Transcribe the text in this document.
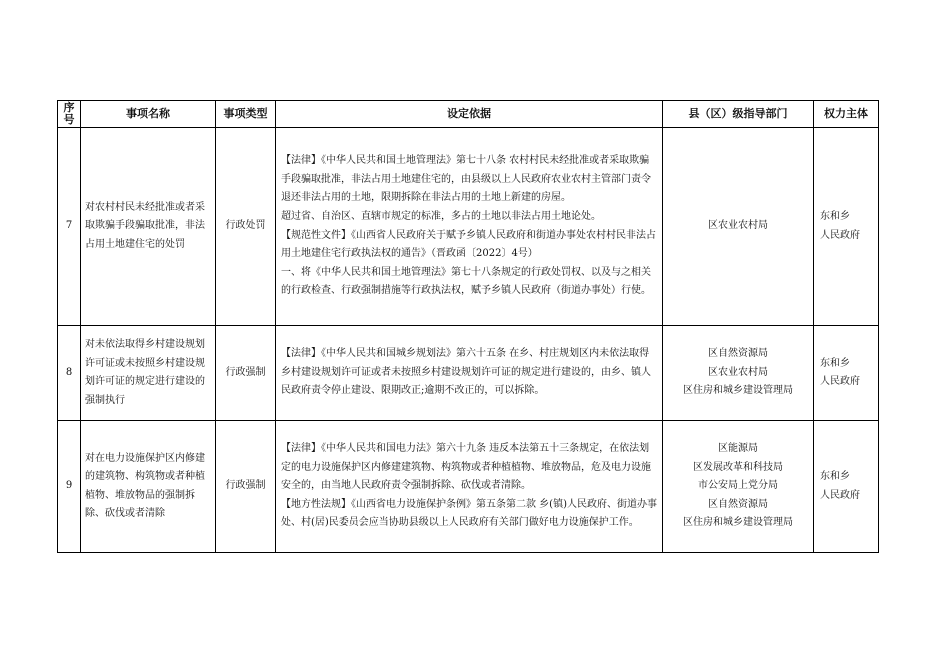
序号	事项名称	事项类型	设定依据	县（区）级指导部门	权力主体
7	对农村村民未经批准或者采取欺骗手段骗取批准，非法占用土地建住宅的处罚	行政处罚	【法律】《中华人民共和国土地管理法》第七十八条 农村村民未经批准或者采取欺骗手段骗取批准，非法占用土地建住宅的，由县级以上人民政府农业农村主管部门责令退还非法占用的土地，限期拆除在非法占用的土地上新建的房屋。
超过省、自治区、直辖市规定的标准，多占的土地以非法占用土地论处。
【规范性文件】《山西省人民政府关于赋予乡镇人民政府和街道办事处农村村民非法占用土地建住宅行政执法权的通告》（晋政函〔2022〕4号）
一、将《中华人民共和国土地管理法》第七十八条规定的行政处罚权、以及与之相关的行政检查、行政强制措施等行政执法权，赋予乡镇人民政府（街道办事处）行使。	区农业农村局	东和乡
人民政府

8	对未依法取得乡村建设规划许可证或未按照乡村建设规划许可证的规定进行建设的强制执行	行政强制	【法律】《中华人民共和国城乡规划法》第六十五条 在乡、村庄规划区内未依法取得乡村建设规划许可证或者未按照乡村建设规划许可证的规定进行建设的，由乡、镇人民政府责令停止建设、限期改正;逾期不改正的，可以拆除。	区自然资源局
区农业农村局
区住房和城乡建设管理局	东和乡
人民政府

9	对在电力设施保护区内修建的建筑物、构筑物或者种植植物、堆放物品的强制拆除、砍伐或者清除	行政强制	【法律】《中华人民共和国电力法》第六十九条 违反本法第五十三条规定，在依法划定的电力设施保护区内修建建筑物、构筑物或者种植植物、堆放物品，危及电力设施安全的，由当地人民政府责令强制拆除、砍伐或者清除。
【地方性法规】《山西省电力设施保护条例》第五条第二款 乡(镇)人民政府、街道办事处、村(居)民委员会应当协助县级以上人民政府有关部门做好电力设施保护工作。	区能源局
区发展改革和科技局
市公安局上党分局
区自然资源局
区住房和城乡建设管理局	东和乡
人民政府
